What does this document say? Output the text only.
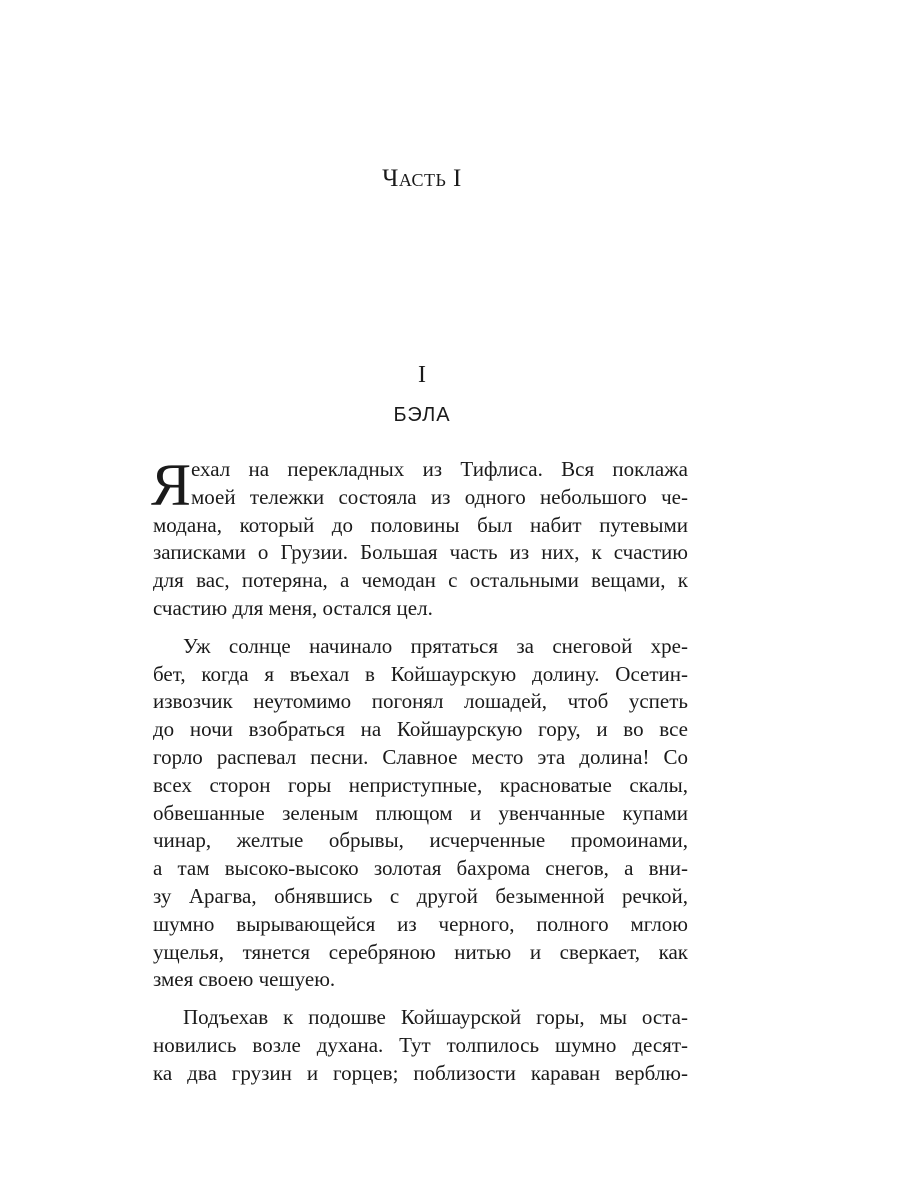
Часть I
I
БЭЛА
Я ехал на перекладных из Тифлиса. Вся поклажа
моей тележки состояла из одного небольшого че-
модана, который до половины был набит путевыми
записками о Грузии. Большая часть из них, к счастию
для вас, потеряна, а чемодан с остальными вещами, к
счастию для меня, остался цел.
Уж солнце начинало прятаться за снеговой хре-
бет, когда я въехал в Койшаурскую долину. Осетин-
извозчик неутомимо погонял лошадей, чтоб успеть
до ночи взобраться на Койшаурскую гору, и во все
горло распевал песни. Славное место эта долина! Со
всех сторон горы неприступные, красноватые скалы,
обвешанные зеленым плющом и увенчанные купами
чинар, желтые обрывы, исчерченные промоинами,
а там высоко-высоко золотая бахрома снегов, а вни-
зу Арагва, обнявшись с другой безыменной речкой,
шумно вырывающейся из черного, полного мглою
ущелья, тянется серебряною нитью и сверкает, как
змея своею чешуею.
Подъехав к подошве Койшаурской горы, мы оста-
новились возле духана. Тут толпилось шумно десят-
ка два грузин и горцев; поблизости караван верблю-
